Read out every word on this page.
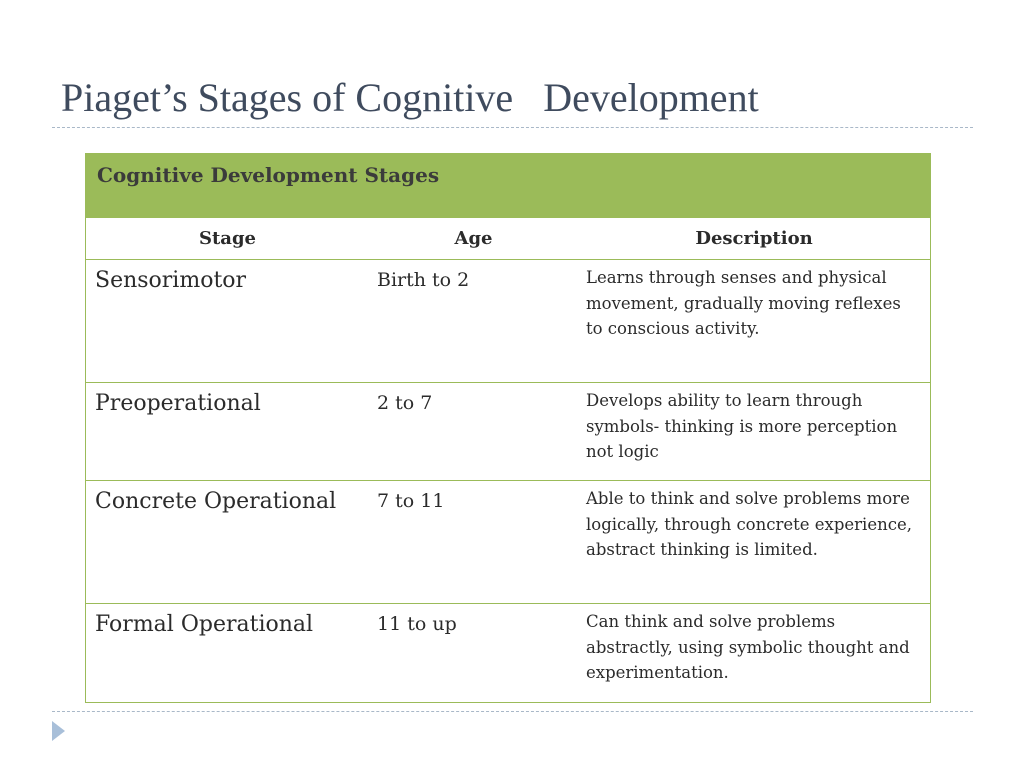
Piaget’s Stages of Cognitive   Development
Cognitive Development Stages		
Stage	Age	Description
Sensorimotor	Birth to 2	Learns through senses and physical movement, gradually moving reflexes to conscious activity.
Preoperational	2 to 7	Develops ability to learn through symbols- thinking is more perception not logic
Concrete Operational	7 to 11	Able to think and solve problems more logically, through concrete experience, abstract thinking is limited.
Formal Operational	11 to up	Can think and solve problems abstractly, using symbolic thought and experimentation.
